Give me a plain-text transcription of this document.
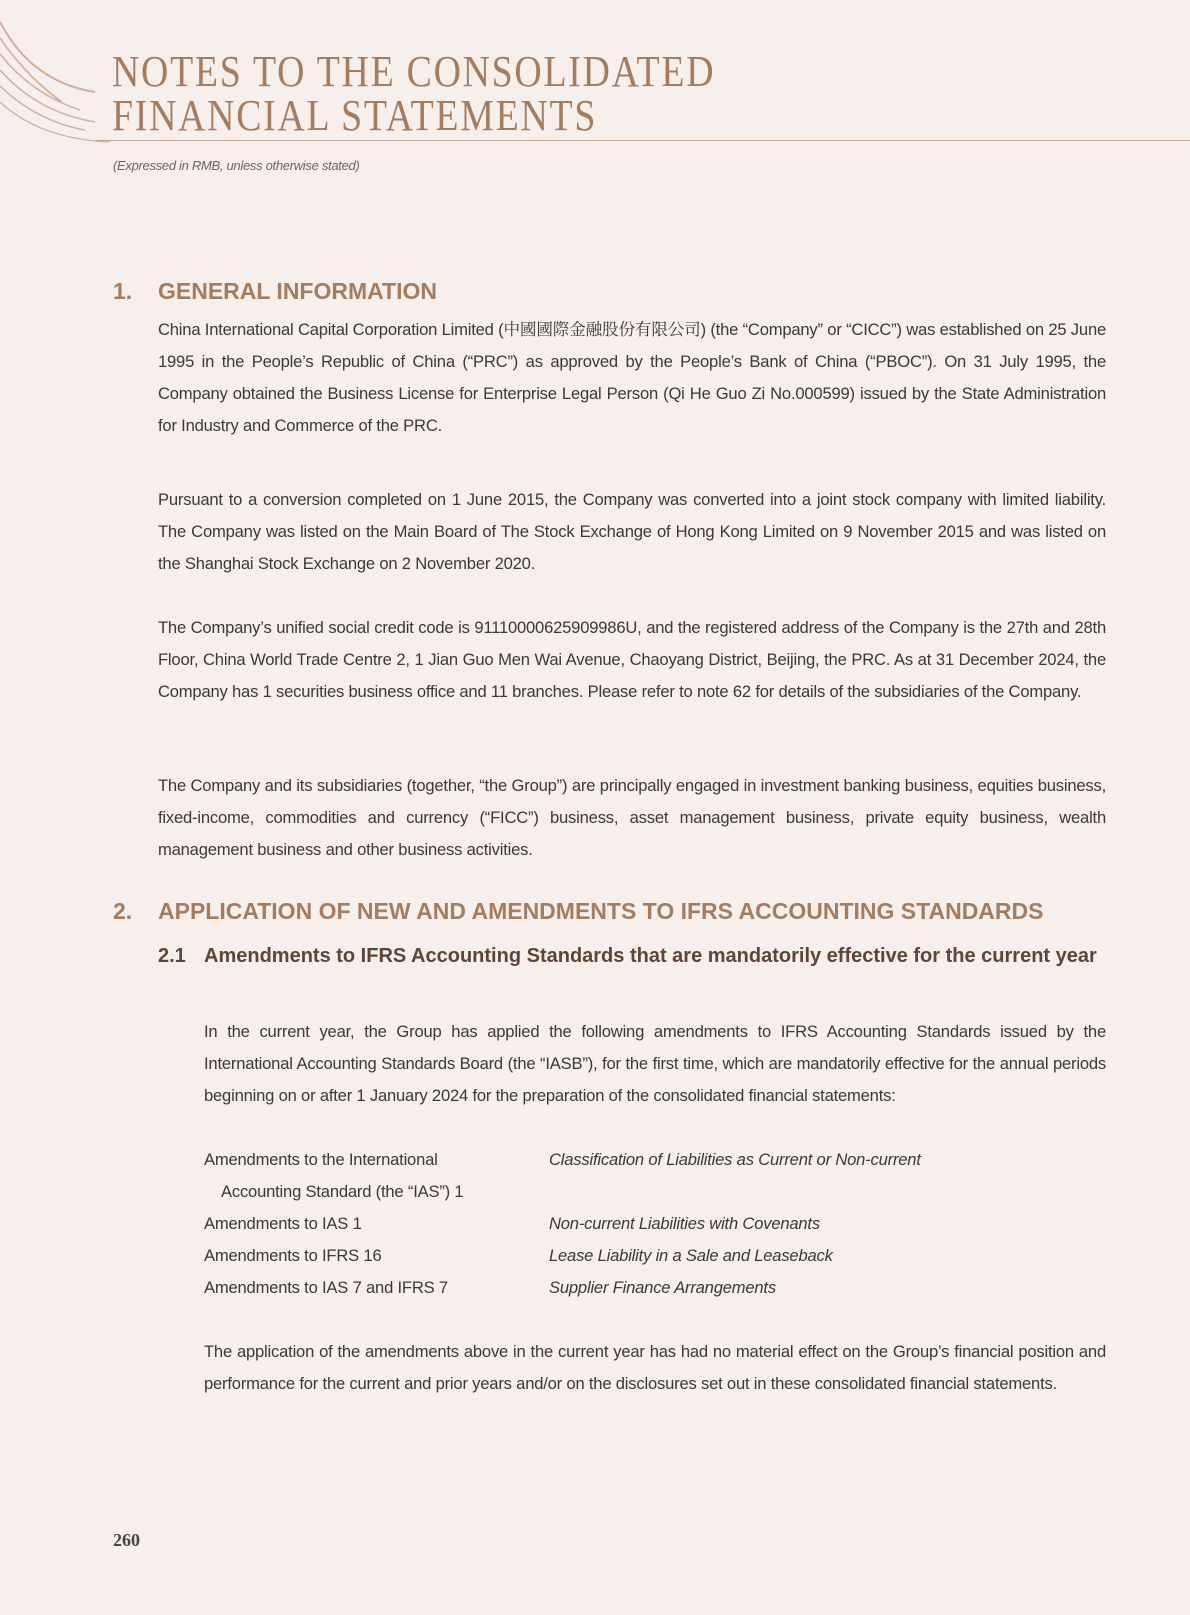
NOTES TO THE CONSOLIDATED
FINANCIAL STATEMENTS
(Expressed in RMB, unless otherwise stated)
1. GENERAL INFORMATION

China International Capital Corporation Limited (中國國際金融股份有限公司) (the “Company” or “CICC”) was established on 25 June 1995 in the People’s Republic of China (“PRC”) as approved by the People’s Bank of China (“PBOC”). On 31 July 1995, the Company obtained the Business License for Enterprise Legal Person (Qi He Guo Zi No.000599) issued by the State Administration for Industry and Commerce of the PRC.

Pursuant to a conversion completed on 1 June 2015, the Company was converted into a joint stock company with limited liability. The Company was listed on the Main Board of The Stock Exchange of Hong Kong Limited on 9 November 2015 and was listed on the Shanghai Stock Exchange on 2 November 2020.

The Company’s unified social credit code is 91110000625909986U, and the registered address of the Company is the 27th and 28th Floor, China World Trade Centre 2, 1 Jian Guo Men Wai Avenue, Chaoyang District, Beijing, the PRC. As at 31 December 2024, the Company has 1 securities business office and 11 branches. Please refer to note 62 for details of the subsidiaries of the Company.

The Company and its subsidiaries (together, “the Group”) are principally engaged in investment banking business, equities business, fixed-income, commodities and currency (“FICC”) business, asset management business, private equity business, wealth management business and other business activities.

2. APPLICATION OF NEW AND AMENDMENTS TO IFRS ACCOUNTING STANDARDS
2.1 Amendments to IFRS Accounting Standards that are mandatorily effective for the current year

In the current year, the Group has applied the following amendments to IFRS Accounting Standards issued by the International Accounting Standards Board (the “IASB”), for the first time, which are mandatorily effective for the annual periods beginning on or after 1 January 2024 for the preparation of the consolidated financial statements:

Amendments to the International	Classification of Liabilities as Current or Non-current
Accounting Standard (the “IAS”) 1
Amendments to IAS 1	Non-current Liabilities with Covenants
Amendments to IFRS 16	Lease Liability in a Sale and Leaseback
Amendments to IAS 7 and IFRS 7	Supplier Finance Arrangements

The application of the amendments above in the current year has had no material effect on the Group’s financial position and performance for the current and prior years and/or on the disclosures set out in these consolidated financial statements.

260
